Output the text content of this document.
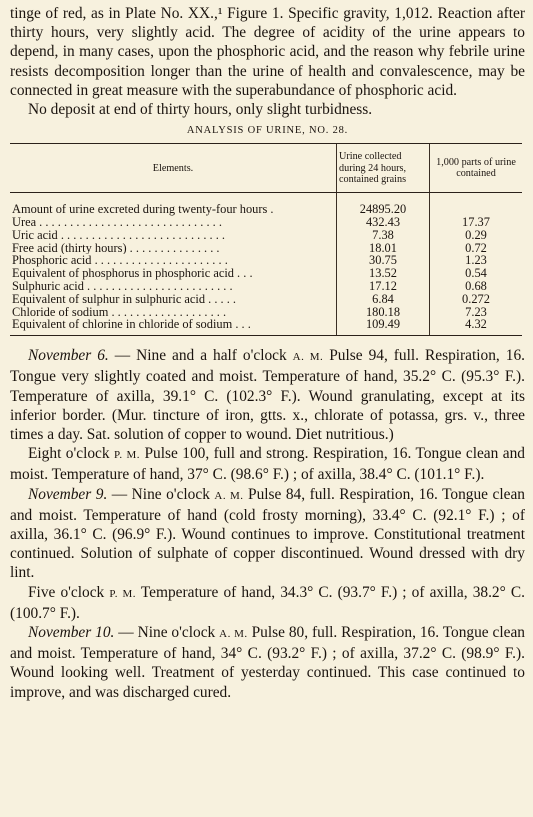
tinge of red, as in Plate No. XX.,¹ Figure 1. Specific gravity, 1,012. Reaction after thirty hours, very slightly acid. The degree of acidity of the urine appears to depend, in many cases, upon the phosphoric acid, and the reason why febrile urine resists decomposition longer than the urine of health and convalescence, may be connected in great measure with the superabundance of phosphoric acid.

No deposit at end of thirty hours, only slight turbidness.

ANALYSIS OF URINE, NO. 28.
Elements.	Urine collected during 24 hours, contained grains	1,000 parts of urine contained

Amount of urine excreted during twenty-four hours .	24895.20	
Urea . . . . . . . . . . . . . . . . . . . . . . . . . . . . . .	432.43	17.37
Uric acid . . . . . . . . . . . . . . . . . . . . . . . . . . .	7.38	0.29
Free acid (thirty hours) . . . . . . . . . . . . . . .	18.01	0.72
Phosphoric acid . . . . . . . . . . . . . . . . . . . . . .	30.75	1.23
Equivalent of phosphorus in phosphoric acid . . .	13.52	0.54
Sulphuric acid . . . . . . . . . . . . . . . . . . . . . . . .	17.12	0.68
Equivalent of sulphur in sulphuric acid . . . . .	6.84	0.272
Chloride of sodium . . . . . . . . . . . . . . . . . . .	180.18	7.23
Equivalent of chlorine in chloride of sodium . . .	109.49	4.32

November 6. — Nine and a half o'clock A. M. Pulse 94, full. Respiration, 16. Tongue very slightly coated and moist. Temperature of hand, 35.2° C. (95.3° F.). Temperature of axilla, 39.1° C. (102.3° F.). Wound granulating, except at its inferior border. (Mur. tincture of iron, gtts. x., chlorate of potassa, grs. v., three times a day. Sat. solution of copper to wound. Diet nutritious.)

Eight o'clock P. M. Pulse 100, full and strong. Respiration, 16. Tongue clean and moist. Temperature of hand, 37° C. (98.6° F.) ; of axilla, 38.4° C. (101.1° F.).

November 9. — Nine o'clock A. M. Pulse 84, full. Respiration, 16. Tongue clean and moist. Temperature of hand (cold frosty morning), 33.4° C. (92.1° F.) ; of axilla, 36.1° C. (96.9° F.). Wound continues to improve. Constitutional treatment continued. Solution of sulphate of copper discontinued. Wound dressed with dry lint.

Five o'clock P. M. Temperature of hand, 34.3° C. (93.7° F.) ; of axilla, 38.2° C. (100.7° F.).

November 10. — Nine o'clock A. M. Pulse 80, full. Respiration, 16. Tongue clean and moist. Temperature of hand, 34° C. (93.2° F.) ; of axilla, 37.2° C. (98.9° F.). Wound looking well. Treatment of yesterday continued. This case continued to improve, and was discharged cured.
